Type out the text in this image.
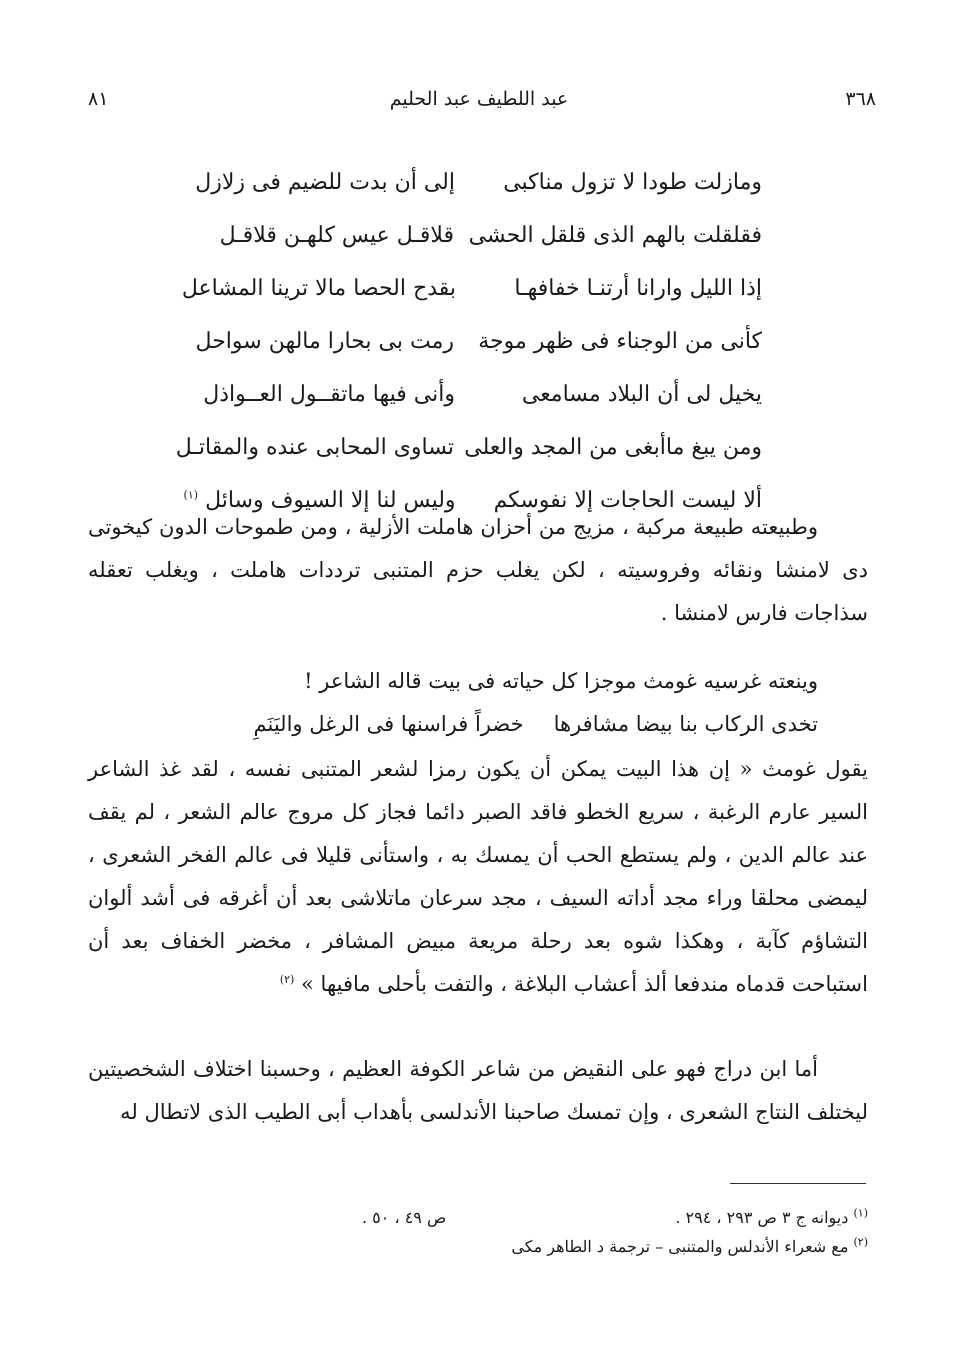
٣٦٨
عبد اللطيف عبد الحليم
٨١
ومازلت طودا لا تزول مناكبى
إلى أن بدت للضيم فى زلازل
فقلقلت بالهم الذى قلقل الحشى
قلاقـل عيس كلهـن قلاقـل
إذا الليل وارانا أرتنـا خفافهـا
بقدح الحصا مالا ترينا المشاعل
كأنى من الوجناء فى ظهر موجة
رمت بى بحارا مالهن سواحل
يخيل لى أن البلاد مسامعى
وأنى فيها ماتقــول العــواذل
ومن يبغ ماأبغى من المجد والعلى
تساوى المحابى عنده والمقاتـل
ألا ليست الحاجات إلا نفوسكم
وليس لنا إلا السيوف وسائل $^{(١)}$

وطبيعته طبيعة مركبة ، مزيج من أحزان هاملت الأزلية ، ومن طموحات الدون كيخوتى دى لامنشا ونقائه وفروسيته ، لكن يغلب حزم المتنبى ترددات هاملت ، ويغلب تعقله سذاجات فارس لامنشا .

وينعته غرسيه غومث موجزا كل حياته فى بيت قاله الشاعر !

تخدى الركاب بنا بيضا مشافرهاخضراً فراسنها فى الرغل واليَنَمِ

يقول غومث « إن هذا البيت يمكن أن يكون رمزا لشعر المتنبى نفسه ، لقد غذ الشاعر السير عارم الرغبة ، سريع الخطو فاقد الصبر دائما فجاز كل مروج عالم الشعر ، لم يقف عند عالم الدين ، ولم يستطع الحب أن يمسك به ، واستأنى قليلا فى عالم الفخر الشعرى ، ليمضى محلقا وراء مجد أداته السيف ، مجد سرعان ماتلاشى بعد أن أغرقه فى أشد ألوان التشاؤم كآبة ، وهكذا شوه بعد رحلة مريعة مبيض المشافر ، مخضر الخفاف بعد أن استباحت قدماه مندفعا ألذ أعشاب البلاغة ، والتفت بأحلى مافيها » $^{(٢)}$

أما ابن دراج فهو على النقيض من شاعر الكوفة العظيم ، وحسبنا اختلاف الشخصيتين ليختلف النتاج الشعرى ، وإن تمسك صاحبنا الأندلسى بأهداب أبى الطيب الذى لاتطال له

$^{(١)}$ ديوانه ج ٣ ص ٢٩٣ ، ٢٩٤ .
ص ٤٩ ، ٥٠ .
$^{(٢)}$ مع شعراء الأندلس والمتنبى – ترجمة د الطاهر مكى
